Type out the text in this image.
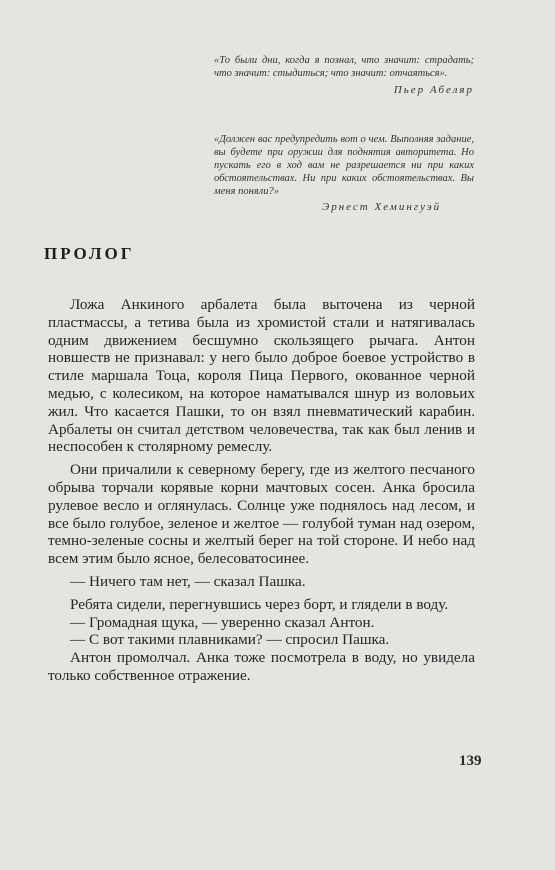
«То были дни, когда я познал, что значит: страдать; что значит: стыдиться; что значит: отчаяться».

Пьер Абеляр

«Должен вас предупредить вот о чем. Выполняя задание, вы будете при оружии для поднятия авторитета. Но пускать его в ход вам не разрешается ни при каких обстоятельствах. Ни при каких обстоятельствах. Вы меня поняли?»

Эрнест Хемингуэй

ПРОЛОГ

Ложа Анкиного арбалета была выточена из черной пластмассы, а тетива была из хромистой стали и натягивалась одним движением бесшумно скользящего рычага. Антон новшеств не признавал: у него было доброе боевое устройство в стиле маршала Тоца, короля Пица Первого, окованное черной медью, с колесиком, на которое наматывался шнур из воловьих жил. Что касается Пашки, то он взял пневматический карабин. Арбалеты он считал детством человечества, так как был ленив и неспособен к столярному ремеслу.

Они причалили к северному берегу, где из желтого песчаного обрыва торчали корявые корни мачтовых сосен. Анка бросила рулевое весло и оглянулась. Солнце уже поднялось над лесом, и все было голубое, зеленое и желтое — голубой туман над озером, темно-зеленые сосны и желтый берег на той стороне. И небо над всем этим было ясное, белесоватосинее.

— Ничего там нет, — сказал Пашка.

Ребята сидели, перегнувшись через борт, и глядели в воду.

— Громадная щука, — уверенно сказал Антон.

— С вот такими плавниками? — спросил Пашка.

Антон промолчал. Анка тоже посмотрела в воду, но увидела только собственное отражение.

139
